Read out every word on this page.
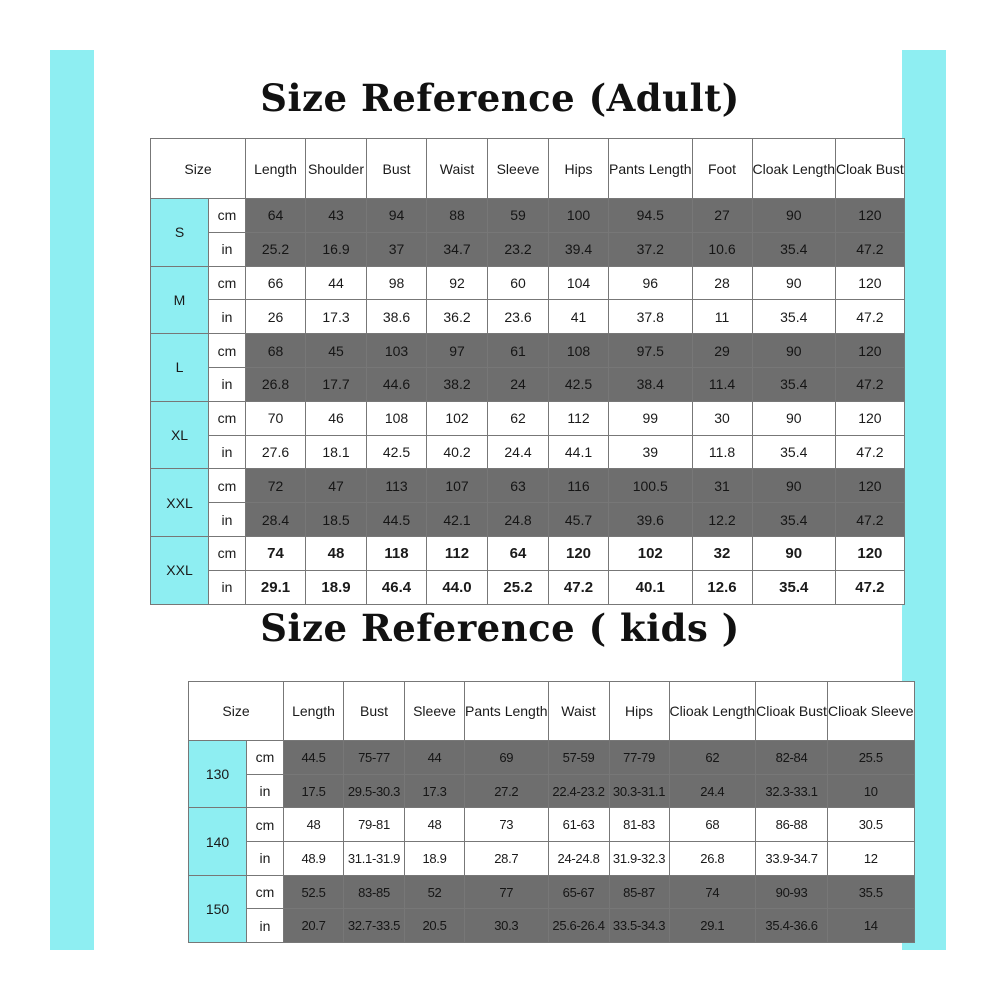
Size Reference (Adult)
Size		Length	Shoulder	Bust	Waist	Sleeve	Hips	Pants Length	Foot	Cloak Length	Cloak Bust
S	cm	64	43	94	88	59	100	94.5	27	90	120
	in	25.2	16.9	37	34.7	23.2	39.4	37.2	10.6	35.4	47.2
M	cm	66	44	98	92	60	104	96	28	90	120
	in	26	17.3	38.6	36.2	23.6	41	37.8	11	35.4	47.2
L	cm	68	45	103	97	61	108	97.5	29	90	120
	in	26.8	17.7	44.6	38.2	24	42.5	38.4	11.4	35.4	47.2
XL	cm	70	46	108	102	62	112	99	30	90	120
	in	27.6	18.1	42.5	40.2	24.4	44.1	39	11.8	35.4	47.2
XXL	cm	72	47	113	107	63	116	100.5	31	90	120
	in	28.4	18.5	44.5	42.1	24.8	45.7	39.6	12.2	35.4	47.2
XXL	cm	74	48	118	112	64	120	102	32	90	120
	in	29.1	18.9	46.4	44.0	25.2	47.2	40.1	12.6	35.4	47.2
Size Reference ( kids )
Size		Length	Bust	Sleeve	Pants Length	Waist	Hips	Clioak Length	Clioak Bust	Clioak Sleeve
130	cm	44.5	75-77	44	69	57-59	77-79	62	82-84	25.5
	in	17.5	29.5-30.3	17.3	27.2	22.4-23.2	30.3-31.1	24.4	32.3-33.1	10
140	cm	48	79-81	48	73	61-63	81-83	68	86-88	30.5
	in	48.9	31.1-31.9	18.9	28.7	24-24.8	31.9-32.3	26.8	33.9-34.7	12
150	cm	52.5	83-85	52	77	65-67	85-87	74	90-93	35.5
	in	20.7	32.7-33.5	20.5	30.3	25.6-26.4	33.5-34.3	29.1	35.4-36.6	14
